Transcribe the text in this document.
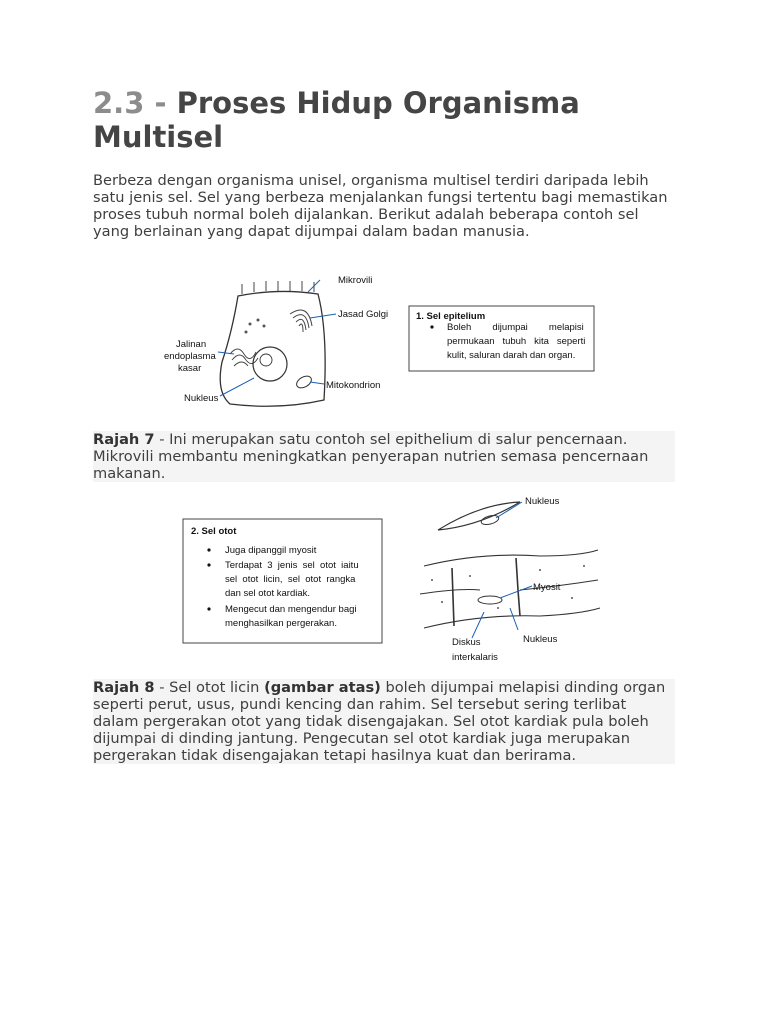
2.3 - Proses Hidup Organisma Multisel

Berbeza dengan organisma unisel, organisma multisel terdiri daripada lebih satu jenis sel. Sel yang berbeza menjalankan fungsi tertentu bagi memastikan proses tubuh normal boleh dijalankan. Berikut adalah beberapa contoh sel yang berlainan yang dapat dijumpai dalam badan manusia.

Mikrovili
Jasad Golgi
Jalinan
endoplasma
kasar
Mitokondrion
Nukleus
1. Sel epitelium
Boleh        dijumpai        melapisi
permukaan   tubuh   kita   seperti
kulit, saluran darah dan organ.

Rajah 7 - Ini merupakan satu contoh sel epithelium di salur pencernaan. Mikrovili membantu meningkatkan penyerapan nutrien semasa pencernaan makanan.

2. Sel otot
Juga dipanggil myosit
Terdapat  3  jenis  sel  otot  iaitu
sel  otot  licin,  sel  otot  rangka
dan sel otot kardiak.
Mengecut dan mengendur bagi
menghasilkan pergerakan.
Nukleus
Myosit
Nukleus
Diskus
interkalaris

Rajah 8 - Sel otot licin (gambar atas) boleh dijumpai melapisi dinding organ seperti perut, usus, pundi kencing dan rahim. Sel tersebut sering terlibat dalam pergerakan otot yang tidak disengajakan. Sel otot kardiak pula boleh dijumpai di dinding jantung. Pengecutan sel otot kardiak juga merupakan pergerakan tidak disengajakan tetapi hasilnya kuat dan berirama.
